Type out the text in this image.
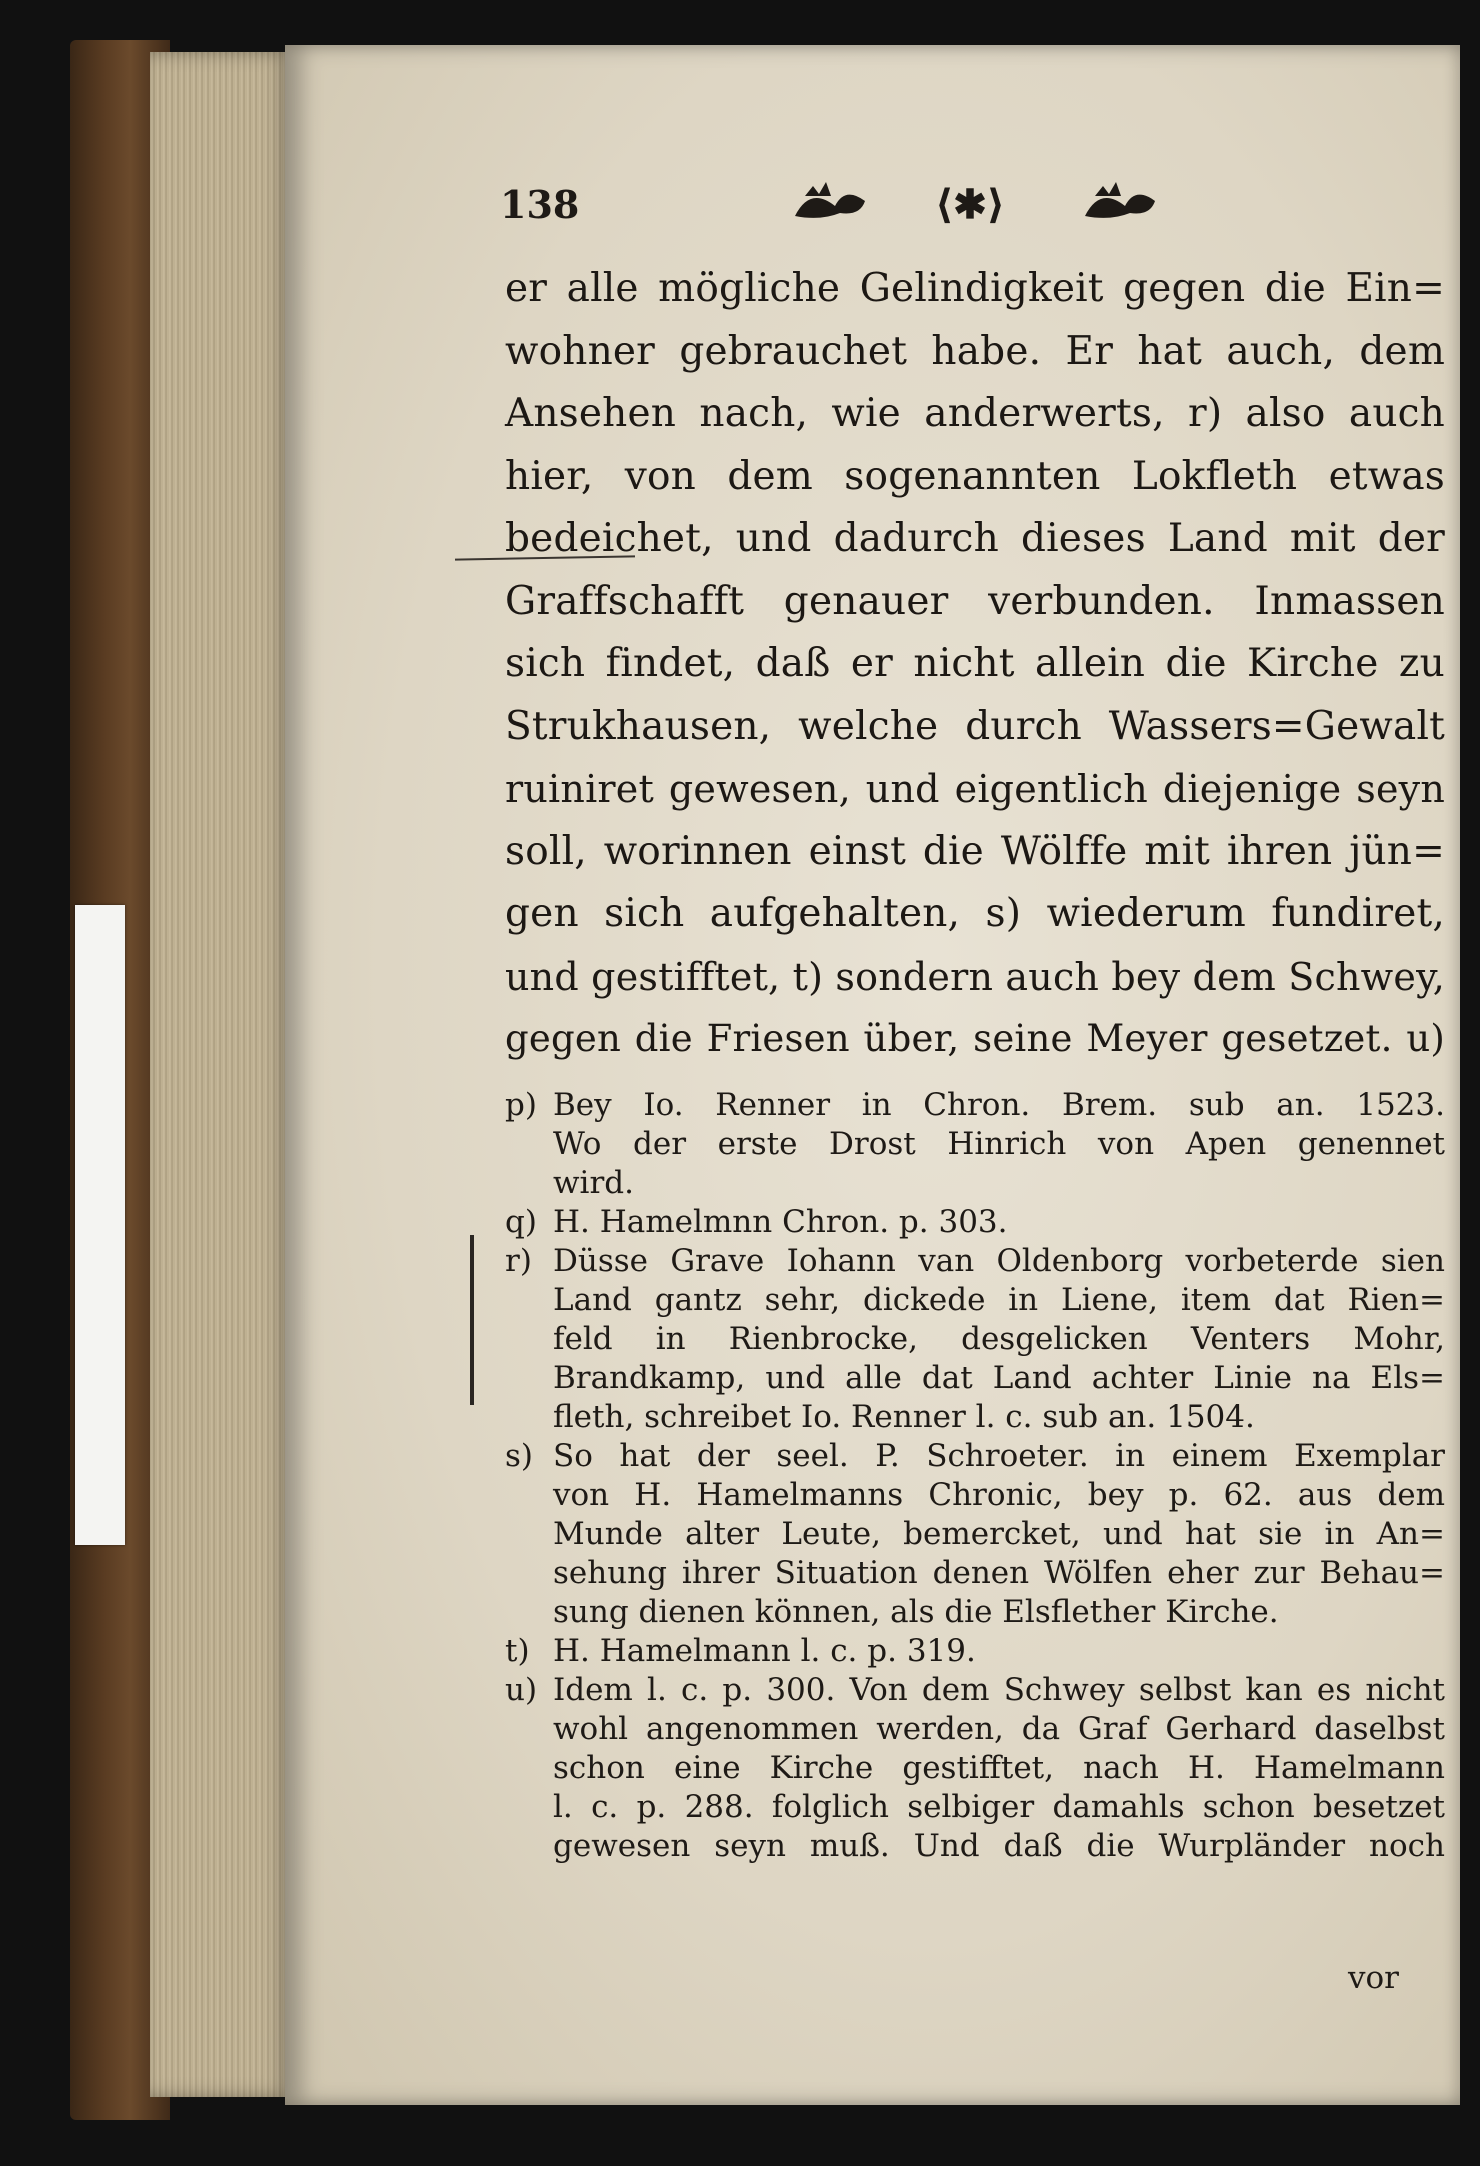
138	⟨✱⟩
er alle mögliche Gelindigkeit gegen die Ein=
wohner gebrauchet habe. Er hat auch, dem
Ansehen nach, wie anderwerts, r) also auch
hier, von dem sogenannten Lokfleth etwas
bedeichet, und dadurch dieses Land mit der
Graffschafft genauer verbunden. Inmassen
sich findet, daß er nicht allein die Kirche zu
Strukhausen, welche durch Wassers=Gewalt
ruiniret gewesen, und eigentlich diejenige seyn
soll, worinnen einst die Wölffe mit ihren jün=
gen sich aufgehalten, s) wiederum fundiret,
und gestifftet, t) sondern auch bey dem Schwey,
gegen die Friesen über, seine Meyer gesetzet. u)
p) Bey Io. Renner in Chron. Brem. sub an. 1523.
Wo der erste Drost Hinrich von Apen genennet
wird.
q) H. Hamelmnn Chron. p. 303.
r) Düsse Grave Iohann van Oldenborg vorbeterde sien
Land gantz sehr, dickede in Liene, item dat Rien=
feld in Rienbrocke, desgelicken Venters Mohr,
Brandkamp, und alle dat Land achter Linie na Els=
fleth, schreibet Io. Renner l. c. sub an. 1504.
s) So hat der seel. P. Schroeter. in einem Exemplar
von H. Hamelmanns Chronic, bey p. 62. aus dem
Munde alter Leute, bemercket, und hat sie in An=
sehung ihrer Situation denen Wölfen eher zur Behau=
sung dienen können, als die Elsflether Kirche.
t) H. Hamelmann l. c. p. 319.
u) Idem l. c. p. 300. Von dem Schwey selbst kan es nicht
wohl angenommen werden, da Graf Gerhard daselbst
schon eine Kirche gestifftet, nach H. Hamelmann
l. c. p. 288. folglich selbiger damahls schon besetzet
gewesen seyn muß. Und daß die Wurpländer noch
vor
